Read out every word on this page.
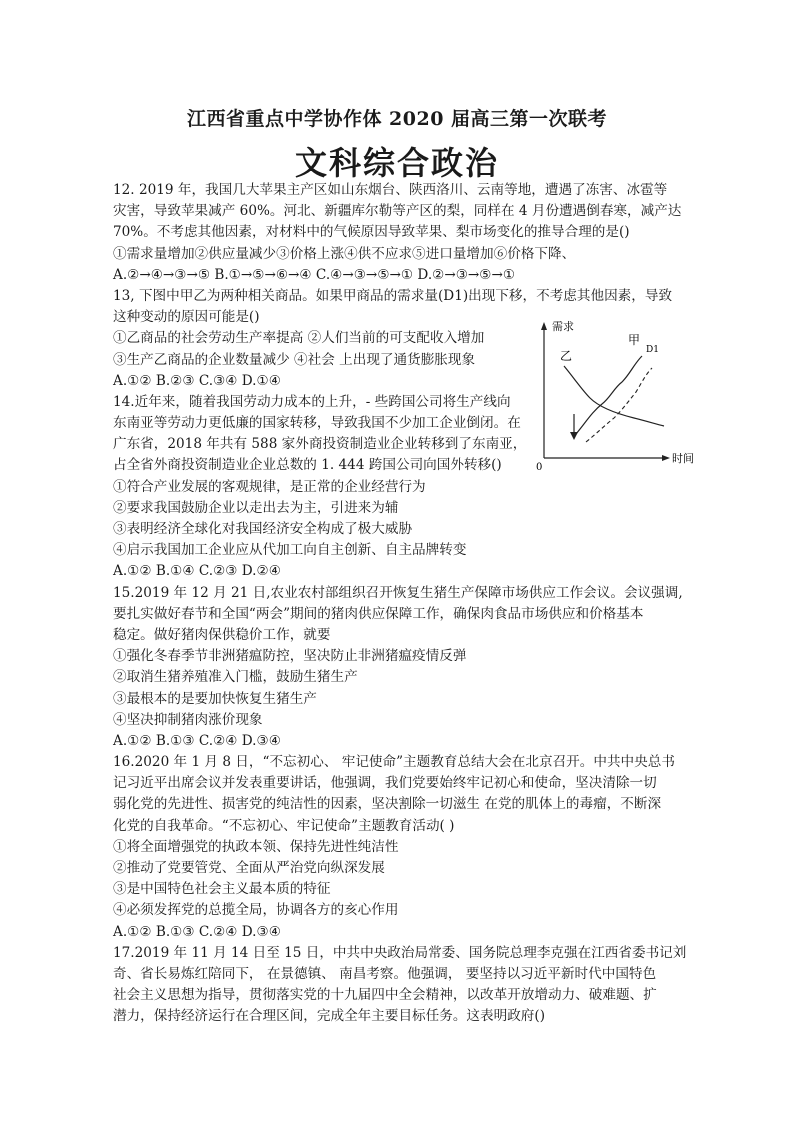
江西省重点中学协作体 2020 届高三第一次联考
文科综合政治
12. 2019 年，我国几大苹果主产区如山东烟台、陕西洛川、云南等地，遭遇了冻害、冰雹等
灾害，导致苹果减产 60%。河北、新疆库尔勒等产区的梨，同样在 4 月份遭遇倒春寒，减产达
70%。不考虑其他因素，对材料中的气候原因导致苹果、梨市场变化的推导合理的是()
①需求量增加②供应量减少③价格上涨④供不应求⑤进口量增加⑥价格下降、
A.②→④→③→⑤ B.①→⑤→⑥→④ C.④→③→⑤→① D.②→③→⑤→①
13, 下图中甲乙为两种相关商品。如果甲商品的需求量(D1)出现下移，不考虑其他因素，导致
这种变动的原因可能是()
①乙商品的社会劳动生产率提高 ②人们当前的可支配收入增加
③生产乙商品的企业数量减少 ④社会 上出现了通货膨胀现象
A.①② B.②③ C.③④ D.①④
14.近年来，随着我国劳动力成本的上升，- 些跨国公司将生产线向
东南亚等劳动力更低廉的国家转移，导致我国不少加工企业倒闭。在
广东省，2018 年共有 588 家外商投资制造业企业转移到了东南亚，
占全省外商投资制造业企业总数的 1. 444 跨国公司向国外转移()
①符合产业发展的客观规律，是正常的企业经营行为
②要求我国鼓励企业以走出去为主，引进来为辅
③表明经济全球化对我国经济安全构成了极大威胁
④启示我国加工企业应从代加工向自主创新、自主品牌转变
A.①② B.①④ C.②③ D.②④
15.2019 年 12 月 21 日,农业农村部组织召开恢复生猪生产保障市场供应工作会议。会议强调,
要扎实做好春节和全国“两会”期间的猪肉供应保障工作，确保肉食品市场供应和价格基本
稳定。做好猪肉保供稳价工作，就要
①强化冬春季节非洲猪瘟防控，坚决防止非洲猪瘟疫情反弹
②取消生猪养殖准入门槛，鼓励生猪生产
③最根本的是要加快恢复生猪生产
④坚决抑制猪肉涨价现象
A.①② B.①③ C.②④ D.③④
16.2020 年 1 月 8 日，“不忘初心、 牢记使命”主题教育总结大会在北京召开。中共中央总书
记习近平出席会议并发表重要讲话，他强调，我们党要始终牢记初心和使命，坚决清除一切
弱化党的先进性、损害党的纯洁性的因素，坚决割除一切滋生 在党的肌体上的毒瘤，不断深
化党的自我革命。“不忘初心、牢记使命”主题教育活动( )
①将全面增强党的执政本领、保持先进性纯洁性
②推动了党要管党、全面从严治党向纵深发展
③是中国特色社会主义最本质的特征
④必须发挥党的总揽全局，协调各方的亥心作用
A.①② B.①③ C.②④ D.③④
17.2019 年 11 月 14 日至 15 日，中共中央政治局常委、国务院总理李克强在江西省委书记刘
奇、省长易炼红陪同下， 在景德镇、 南昌考察。他强调， 要坚持以习近平新时代中国特色
社会主义思想为指导，贯彻落实党的十九届四中全会精神，以改革开放增动力、破难题、扩
潜力，保持经济运行在合理区间，完成全年主要目标任务。这表明政府()
需求
时间
0
甲
D1
乙
